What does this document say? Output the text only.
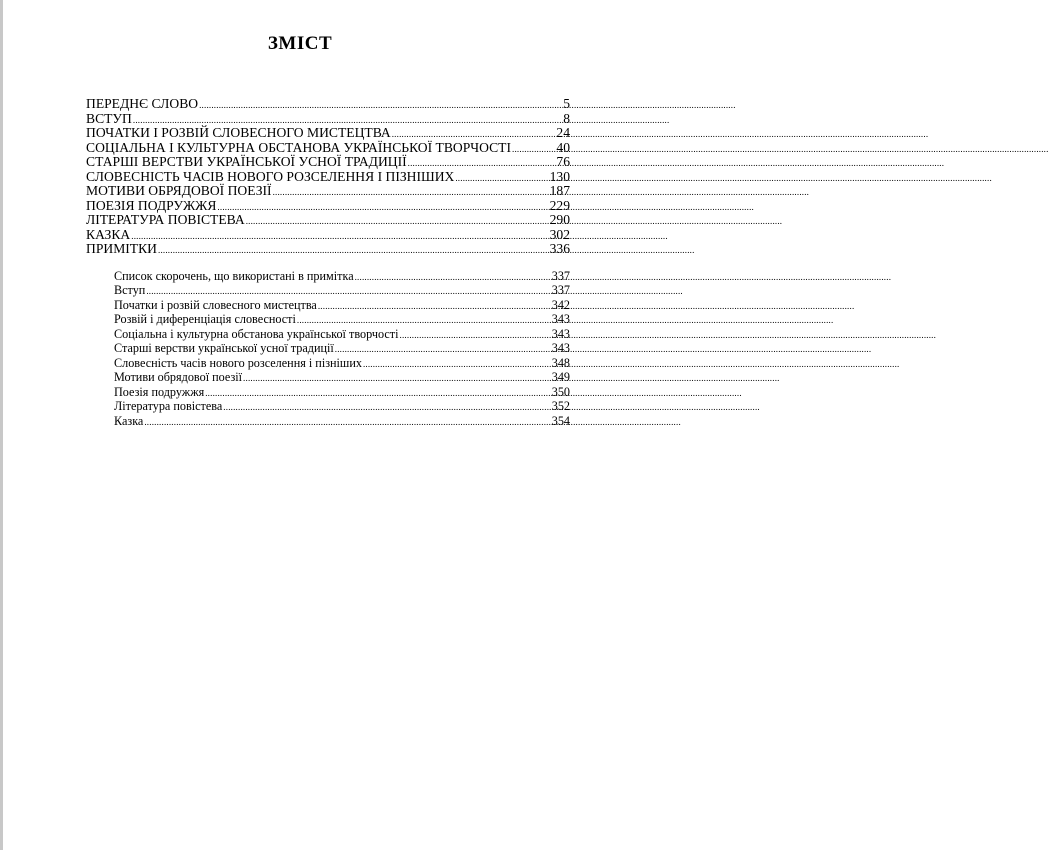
ЗМІСТ
ПЕРЕДНЄ СЛОВО .....	5
ВСТУП .....	8
ПОЧАТКИ І РОЗВІЙ СЛОВЕСНОГО МИСТЕЦТВА .....	24
СОЦІАЛЬНА І КУЛЬТУРНА ОБСТАНОВА УКРАЇНСЬКОЇ ТВОРЧОСТІ .....	40
СТАРШІ ВЕРСТВИ УКРАЇНСЬКОЇ УСНОЇ ТРАДИЦІЇ .....	76
СЛОВЕСНІСТЬ ЧАСІВ НОВОГО РОЗСЕЛЕННЯ І ПІЗНІШИХ .....	130
МОТИВИ ОБРЯДОВОЇ ПОЕЗІЇ .....	187
ПОЕЗІЯ ПОДРУЖЖЯ .....	229
ЛІТЕРАТУРА ПОВІСТЕВА .....	290
КАЗКА .....	302
ПРИМІТКИ .....	336
Список скорочень, що використані в примітка .....	337
Вступ .....	337
Початки і розвій словесного мистецтва .....	342
Розвій і диференціація словесності .....	343
Соціальна і культурна обстанова української творчості .....	343
Старші верстви української усної традиції .....	343
Словесність часів нового розселення і пізніших .....	348
Мотиви обрядової поезії .....	349
Поезія подружжя .....	350
Література повістева .....	352
Казка .....	354
